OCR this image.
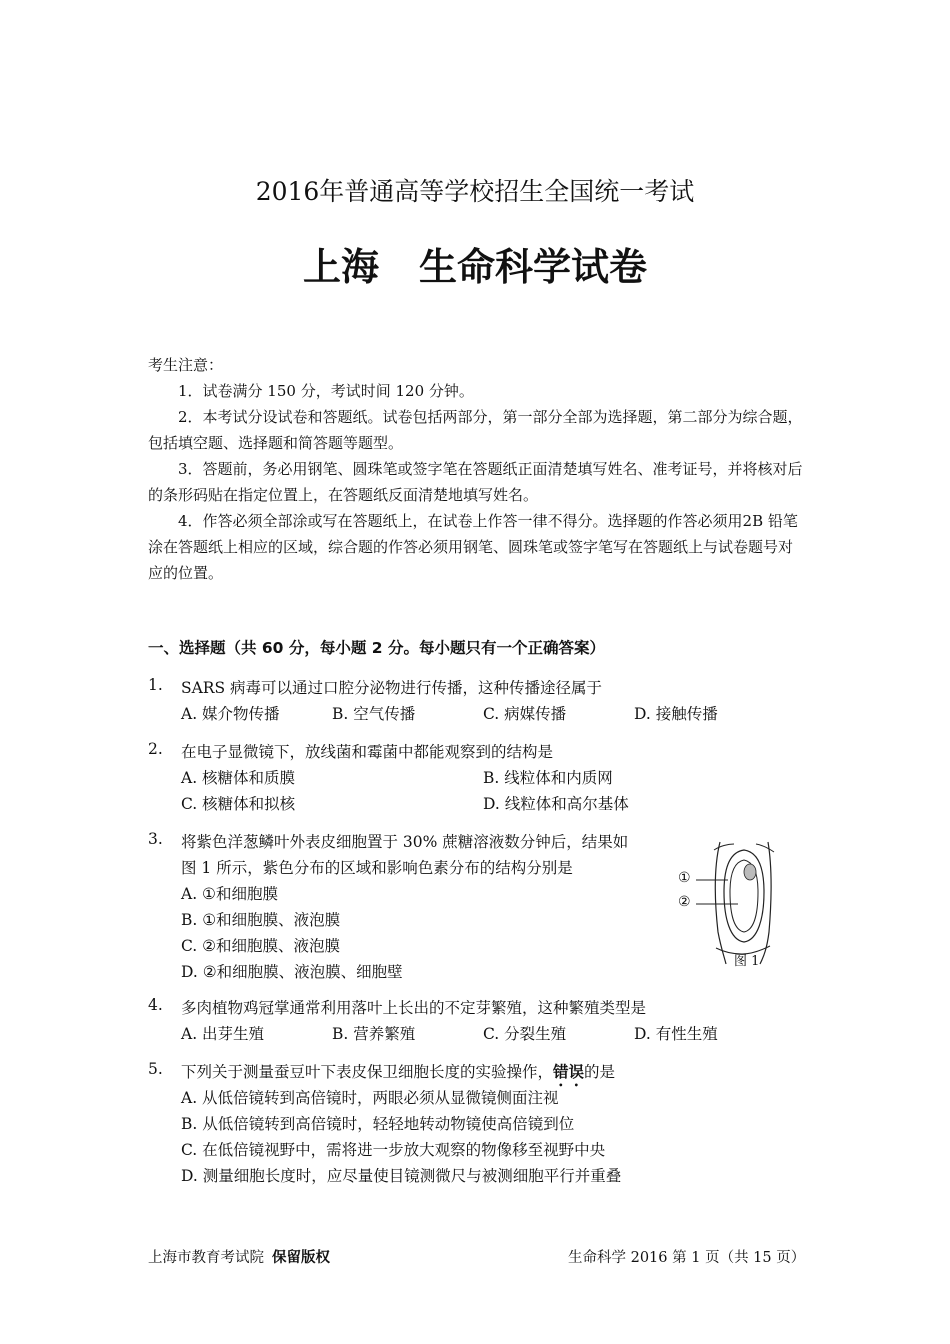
2016年普通高等学校招生全国统一考试
上海 生命科学试卷
考生注意：
1．试卷满分 150 分，考试时间 120 分钟。
2．本考试分设试卷和答题纸。试卷包括两部分，第一部分全部为选择题，第二部分为综合题，包括填空题、选择题和简答题等题型。
3．答题前，务必用钢笔、圆珠笔或签字笔在答题纸正面清楚填写姓名、准考证号，并将核对后的条形码贴在指定位置上，在答题纸反面清楚地填写姓名。
4．作答必须全部涂或写在答题纸上，在试卷上作答一律不得分。选择题的作答必须用2B 铅笔涂在答题纸上相应的区域，综合题的作答必须用钢笔、圆珠笔或签字笔写在答题纸上与试卷题号对应的位置。
一、选择题（共 60 分，每小题 2 分。每小题只有一个正确答案）
1. SARS 病毒可以通过口腔分泌物进行传播，这种传播途径属于
A. 媒介物传播	B. 空气传播	C. 病媒传播	D. 接触传播
2. 在电子显微镜下，放线菌和霉菌中都能观察到的结构是
A. 核糖体和质膜	B. 线粒体和内质网
C. 核糖体和拟核	D. 线粒体和高尔基体
3. 将紫色洋葱鳞叶外表皮细胞置于 30% 蔗糖溶液数分钟后，结果如
图 1 所示，紫色分布的区域和影响色素分布的结构分别是
A. ①和细胞膜
B. ①和细胞膜、液泡膜
C. ②和细胞膜、液泡膜
D. ②和细胞膜、液泡膜、细胞壁
①
②
图 1
4. 多肉植物鸡冠掌通常利用落叶上长出的不定芽繁殖，这种繁殖类型是
A. 出芽生殖	B. 营养繁殖	C. 分裂生殖	D. 有性生殖
5. 下列关于测量蚕豆叶下表皮保卫细胞长度的实验操作，错误的是
A. 从低倍镜转到高倍镜时，两眼必须从显微镜侧面注视
B. 从低倍镜转到高倍镜时，轻轻地转动物镜使高倍镜到位
C. 在低倍镜视野中，需将进一步放大观察的物像移至视野中央
D. 测量细胞长度时，应尽量使目镜测微尺与被测细胞平行并重叠
上海市教育考试院 保留版权	生命科学 2016 第 1 页（共 15 页）
